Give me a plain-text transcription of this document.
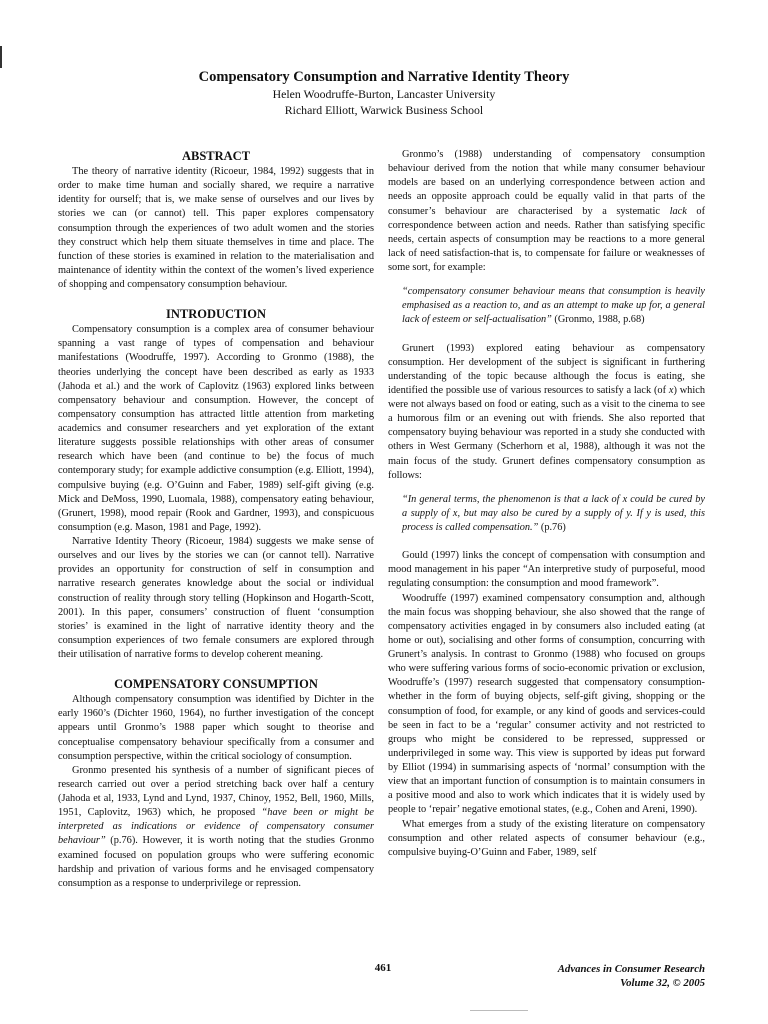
Compensatory Consumption and Narrative Identity Theory

Helen Woodruffe-Burton, Lancaster University

Richard Elliott, Warwick Business School

ABSTRACT

The theory of narrative identity (Ricoeur, 1984, 1992) suggests that in order to make time human and socially shared, we require a narrative identity for ourself; that is, we make sense of ourselves and our lives by stories we can (or cannot) tell. This paper explores compensatory consumption through the experiences of two adult women and the stories they construct which help them situate themselves in time and place. The function of these stories is examined in relation to the materialisation and maintenance of identity within the context of the women’s lived experience of shopping and compensatory consumption behaviour.

INTRODUCTION

Compensatory consumption is a complex area of consumer behaviour spanning a vast range of types of compensation and behaviour manifestations (Woodruffe, 1997). According to Gronmo (1988), the theories underlying the concept have been described as early as 1933 (Jahoda et al.) and the work of Caplovitz (1963) explored links between compensatory behaviour and consumption. However, the concept of compensatory consumption has attracted little attention from marketing academics and consumer researchers and yet exploration of the extant literature suggests possible relationships with other areas of consumer research which have been (and continue to be) the focus of much contemporary study; for example addictive consumption (e.g. Elliott, 1994), compulsive buying (e.g. O’Guinn and Faber, 1989) self-gift giving (e.g. Mick and DeMoss, 1990, Luomala, 1988), compensatory eating behaviour, (Grunert, 1998), mood repair (Rook and Gardner, 1993), and conspicuous consumption (e.g. Mason, 1981 and Page, 1992).

Narrative Identity Theory (Ricoeur, 1984) suggests we make sense of ourselves and our lives by the stories we can (or cannot tell). Narrative provides an opportunity for construction of self in consumption and narrative research generates knowledge about the social or individual construction of reality through story telling (Hopkinson and Hogarth-Scott, 2001). In this paper, consumers’ construction of fluent ‘consumption stories’ is examined in the light of narrative identity theory and the consumption experiences of two female consumers are explored through their utilisation of narrative forms to develop coherent meaning.

COMPENSATORY CONSUMPTION

Although compensatory consumption was identified by Dichter in the early 1960’s (Dichter 1960, 1964), no further investigation of the concept appears until Gronmo’s 1988 paper which sought to theorise and conceptualise compensatory behaviour specifically from a consumer and consumption perspective, within the critical sociology of consumption.

Gronmo presented his synthesis of a number of significant pieces of research carried out over a period stretching back over half a century (Jahoda et al, 1933, Lynd and Lynd, 1937, Chinoy, 1952, Bell, 1960, Mills, 1951, Caplovitz, 1963) which, he proposed “have been or might be interpreted as indications or evidence of compensatory consumer behaviour” (p.76). However, it is worth noting that the studies Gronmo examined focused on population groups who were suffering economic hardship and privation of various forms and he envisaged compensatory consumption as a response to underprivilege or repression.

Gronmo’s (1988) understanding of compensatory consumption behaviour derived from the notion that while many consumer behaviour models are based on an underlying correspondence between action and needs an opposite approach could be equally valid in that parts of the consumer’s behaviour are characterised by a systematic lack of correspondence between action and needs. Rather than satisfying specific needs, certain aspects of consumption may be reactions to a more general lack of need satisfaction-that is, to compensate for failure or weaknesses of some sort, for example:

“compensatory consumer behaviour means that consumption is heavily emphasised as a reaction to, and as an attempt to make up for, a general lack of esteem or self-actualisation” (Gronmo, 1988, p.68)

Grunert (1993) explored eating behaviour as compensatory consumption. Her development of the subject is significant in furthering understanding of the topic because although the focus is eating, she identified the possible use of various resources to satisfy a lack (of x) which were not always based on food or eating, such as a visit to the cinema to see a humorous film or an evening out with friends. She also reported that compensatory buying behaviour was reported in a study she conducted with others in West Germany (Scherhorn et al, 1988), although it was not the main focus of the study. Grunert defines compensatory consumption as follows:

“In general terms, the phenomenon is that a lack of x could be cured by a supply of x, but may also be cured by a supply of y. If y is used, this process is called compensation.” (p.76)

Gould (1997) links the concept of compensation with consumption and mood management in his paper “An interpretive study of purposeful, mood regulating consumption: the consumption and mood framework”.

Woodruffe (1997) examined compensatory consumption and, although the main focus was shopping behaviour, she also showed that the range of compensatory activities engaged in by consumers also included eating (at home or out), socialising and other forms of consumption, concurring with Grunert’s analysis. In contrast to Gronmo (1988) who focused on groups who were suffering various forms of socio-economic privation or exclusion, Woodruffe’s (1997) research suggested that compensatory consumption-whether in the form of buying objects, self-gift giving, shopping or the consumption of food, for example, or any kind of goods and services-could be seen in fact to be a ‘regular’ consumer activity and not restricted to groups who might be considered to be repressed, suppressed or underprivileged in some way. This view is supported by ideas put forward by Elliot (1994) in summarising aspects of ‘normal’ consumption with the view that an important function of consumption is to maintain consumers in a positive mood and also to work which indicates that it is widely used by people to ‘repair’ negative emotional states, (e.g., Cohen and Areni, 1990).

What emerges from a study of the existing literature on compensatory consumption and other related aspects of consumer behaviour (e.g., compulsive buying-O’Guinn and Faber, 1989, self

461	Advances in Consumer Research
Volume 32, © 2005
